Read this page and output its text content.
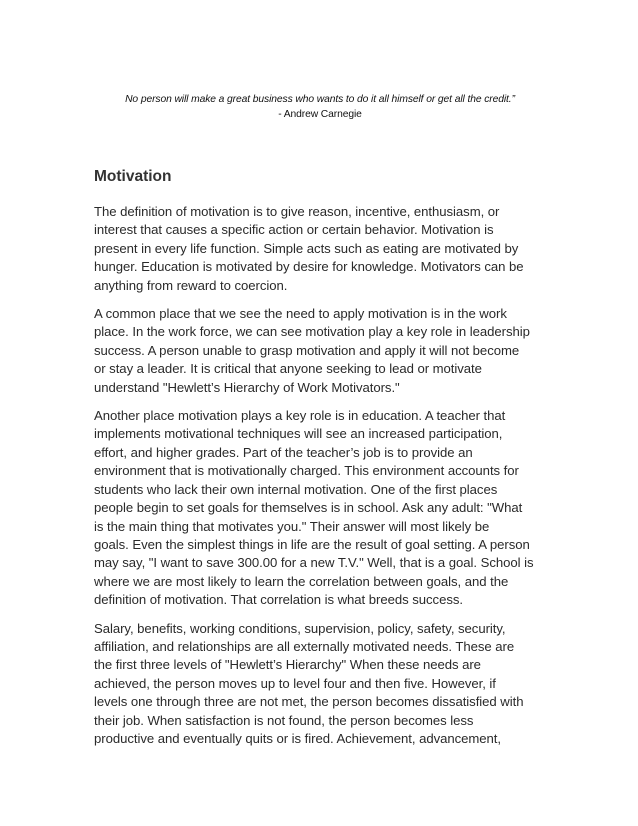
No person will make a great business who wants to do it all himself or get all the credit.”
- Andrew Carnegie
Motivation

The definition of motivation is to give reason, incentive, enthusiasm, or
interest that causes a specific action or certain behavior. Motivation is
present in every life function. Simple acts such as eating are motivated by
hunger. Education is motivated by desire for knowledge. Motivators can be
anything from reward to coercion.

A common place that we see the need to apply motivation is in the work
place. In the work force, we can see motivation play a key role in leadership
success. A person unable to grasp motivation and apply it will not become
or stay a leader. It is critical that anyone seeking to lead or motivate
understand "Hewlett’s Hierarchy of Work Motivators."

Another place motivation plays a key role is in education. A teacher that
implements motivational techniques will see an increased participation,
effort, and higher grades. Part of the teacher’s job is to provide an
environment that is motivationally charged. This environment accounts for
students who lack their own internal motivation. One of the first places
people begin to set goals for themselves is in school. Ask any adult: "What
is the main thing that motivates you." Their answer will most likely be
goals. Even the simplest things in life are the result of goal setting. A person
may say, "I want to save 300.00 for a new T.V." Well, that is a goal. School is
where we are most likely to learn the correlation between goals, and the
definition of motivation. That correlation is what breeds success.

Salary, benefits, working conditions, supervision, policy, safety, security,
affiliation, and relationships are all externally motivated needs. These are
the first three levels of "Hewlett’s Hierarchy" When these needs are
achieved, the person moves up to level four and then five. However, if
levels one through three are not met, the person becomes dissatisfied with
their job. When satisfaction is not found, the person becomes less
productive and eventually quits or is fired. Achievement, advancement,
